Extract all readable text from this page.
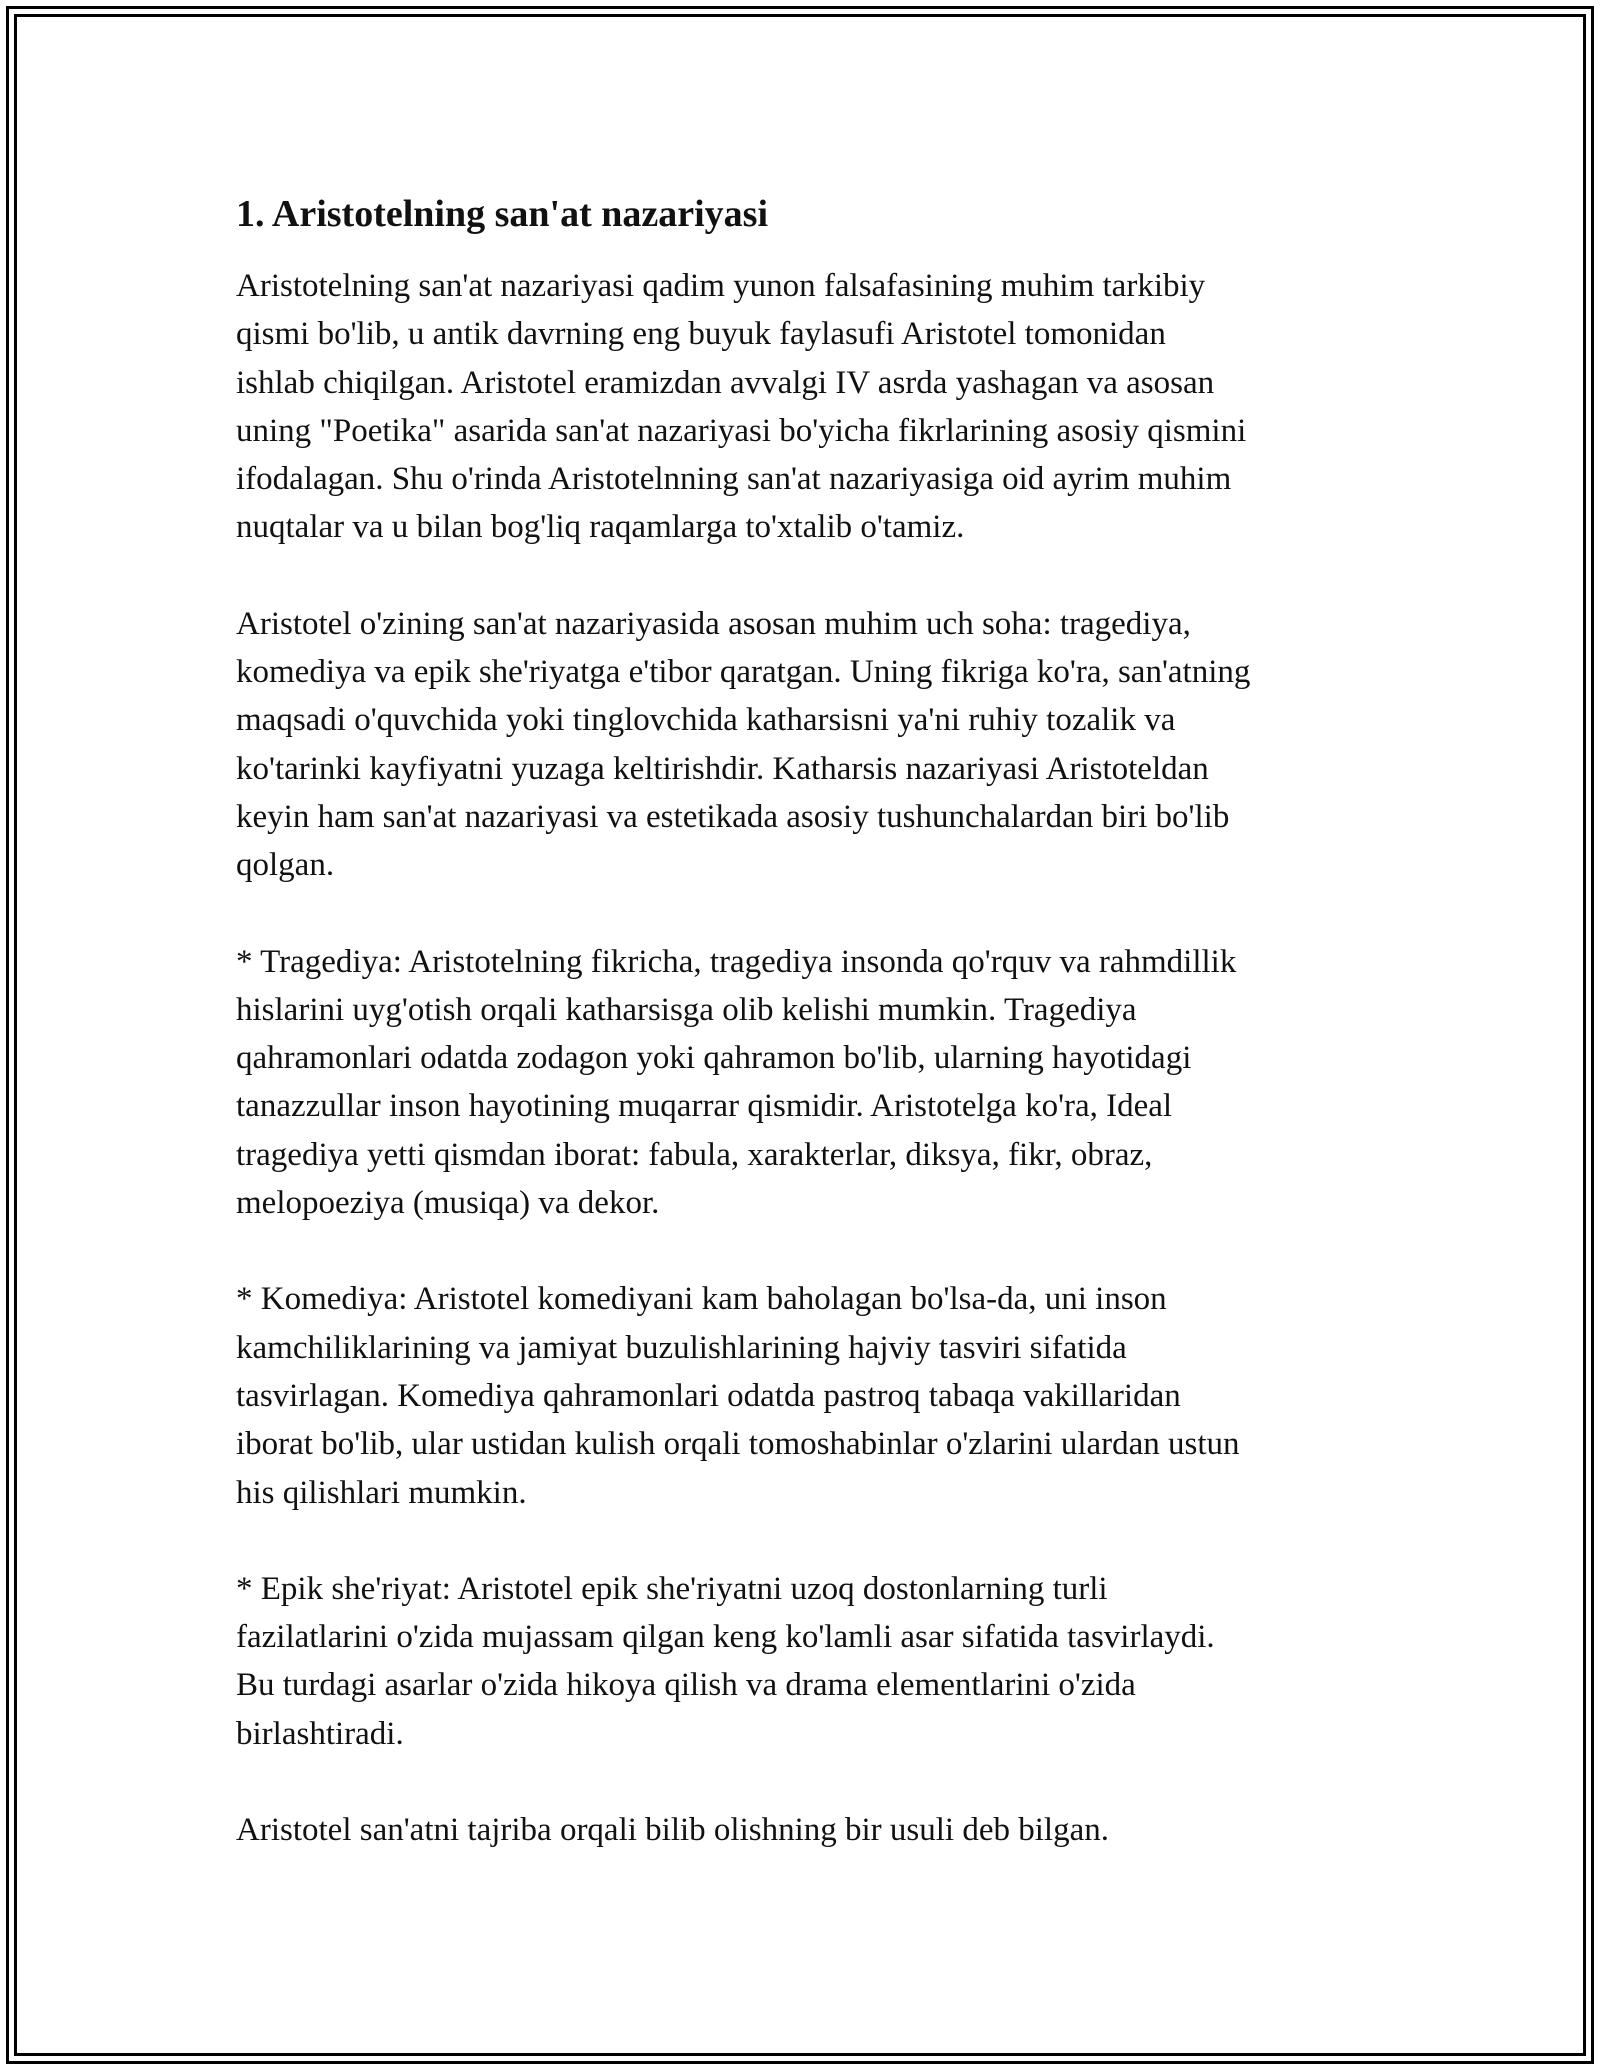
1. Aristotelning san'at nazariyasi

Aristotelning san'at nazariyasi qadim yunon falsafasining muhim tarkibiy
qismi bo'lib, u antik davrning eng buyuk faylasufi Aristotel tomonidan
ishlab chiqilgan. Aristotel eramizdan avvalgi IV asrda yashagan va asosan
uning "Poetika" asarida san'at nazariyasi bo'yicha fikrlarining asosiy qismini
ifodalagan. Shu o'rinda Aristotelnning san'at nazariyasiga oid ayrim muhim
nuqtalar va u bilan bog'liq raqamlarga to'xtalib o'tamiz.

Aristotel o'zining san'at nazariyasida asosan muhim uch soha: tragediya,
komediya va epik she'riyatga e'tibor qaratgan. Uning fikriga ko'ra, san'atning
maqsadi o'quvchida yoki tinglovchida katharsisni ya'ni ruhiy tozalik va
ko'tarinki kayfiyatni yuzaga keltirishdir. Katharsis nazariyasi Aristoteldan
keyin ham san'at nazariyasi va estetikada asosiy tushunchalardan biri bo'lib
qolgan.

* Tragediya: Aristotelning fikricha, tragediya insonda qo'rquv va rahmdillik
hislarini uyg'otish orqali katharsisga olib kelishi mumkin. Tragediya
qahramonlari odatda zodagon yoki qahramon bo'lib, ularning hayotidagi
tanazzullar inson hayotining muqarrar qismidir. Aristotelga ko'ra, Ideal
tragediya yetti qismdan iborat: fabula, xarakterlar, diksya, fikr, obraz,
melopoeziya (musiqa) va dekor.

* Komediya: Aristotel komediyani kam baholagan bo'lsa-da, uni inson
kamchiliklarining va jamiyat buzulishlarining hajviy tasviri sifatida
tasvirlagan. Komediya qahramonlari odatda pastroq tabaqa vakillaridan
iborat bo'lib, ular ustidan kulish orqali tomoshabinlar o'zlarini ulardan ustun
his qilishlari mumkin.

* Epik she'riyat: Aristotel epik she'riyatni uzoq dostonlarning turli
fazilatlarini o'zida mujassam qilgan keng ko'lamli asar sifatida tasvirlaydi.
Bu turdagi asarlar o'zida hikoya qilish va drama elementlarini o'zida
birlashtiradi.

Aristotel san'atni tajriba orqali bilib olishning bir usuli deb bilgan.
